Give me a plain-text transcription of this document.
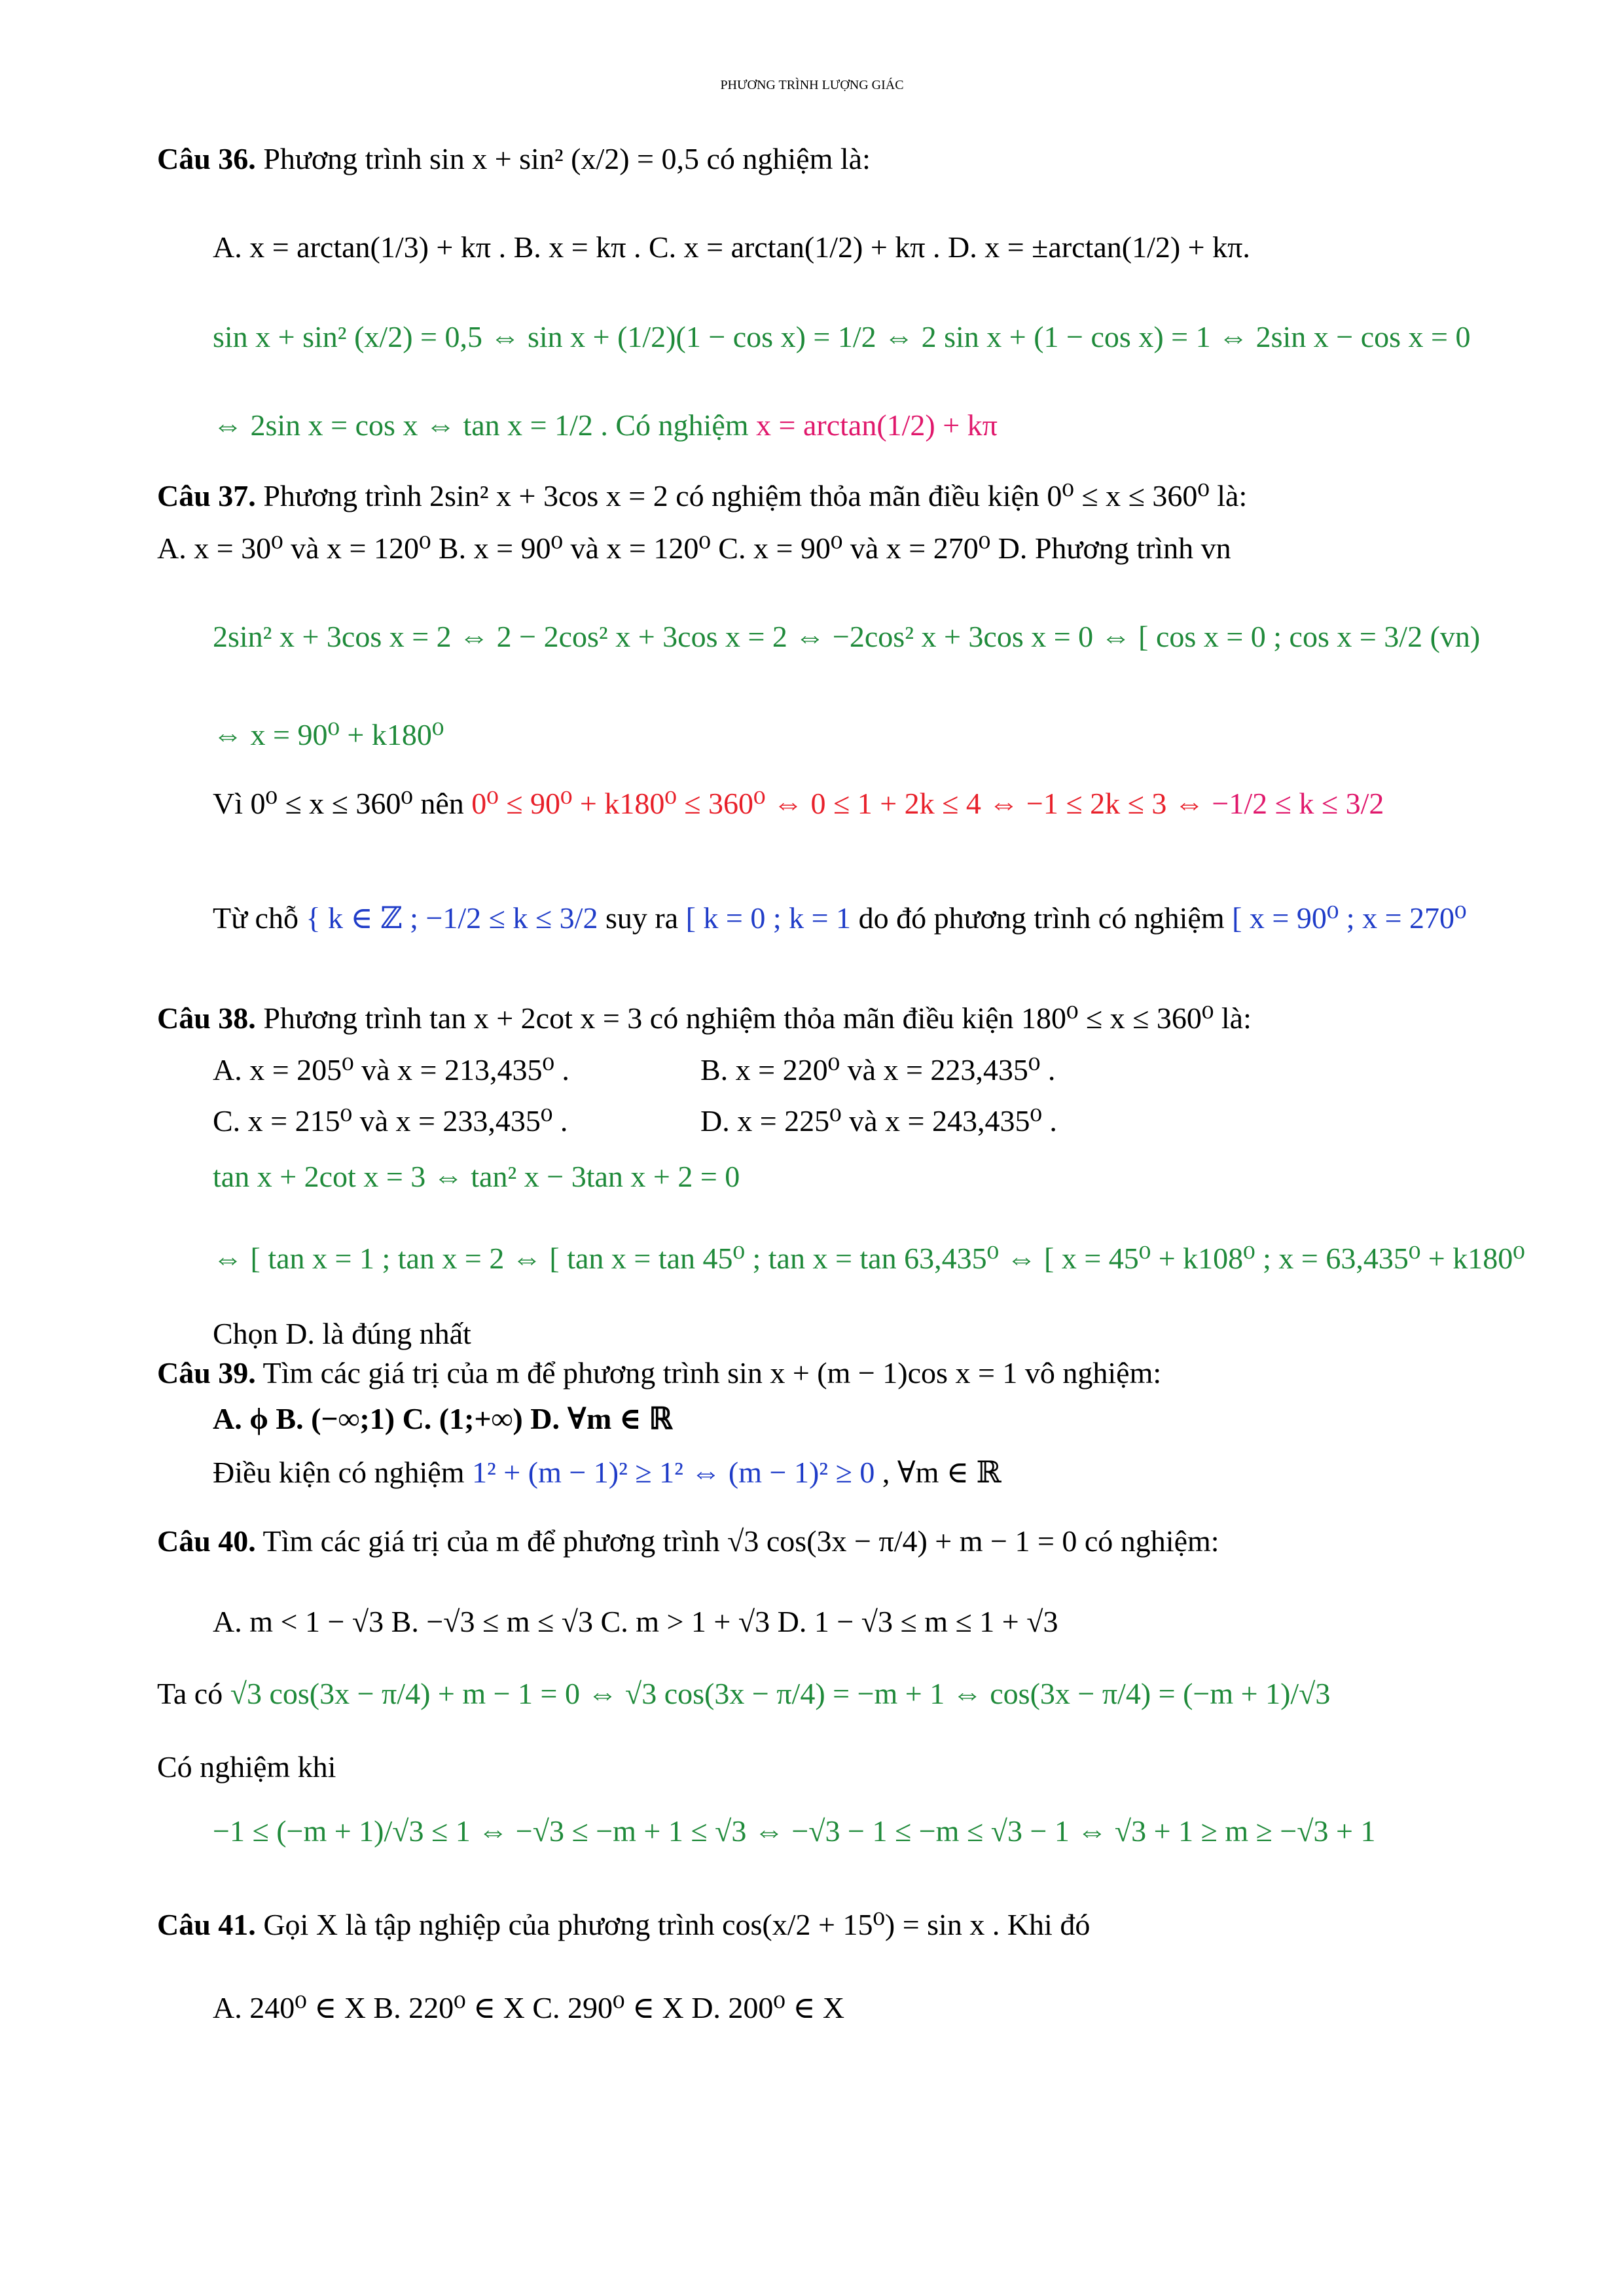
PHƯƠNG TRÌNH LƯỢNG GIÁC
Câu 36. Phương trình sin x + sin² (x/2) = 0,5 có nghiệm là:
A. x = arctan(1/3) + kπ . B. x = kπ . C. x = arctan(1/2) + kπ . D. x = ±arctan(1/2) + kπ.
sin x + sin² (x/2) = 0,5 ⇔ sin x + (1/2)(1 − cos x) = 1/2 ⇔ 2 sin x + (1 − cos x) = 1 ⇔ 2sin x − cos x = 0
⇔ 2sin x = cos x ⇔ tan x = 1/2 . Có nghiệm x = arctan(1/2) + kπ
Câu 37. Phương trình 2sin² x + 3cos x = 2 có nghiệm thỏa mãn điều kiện 0⁰ ≤ x ≤ 360⁰ là:
A. x = 30⁰ và x = 120⁰ B. x = 90⁰ và x = 120⁰ C. x = 90⁰ và x = 270⁰ D. Phương trình vn
2sin² x + 3cos x = 2 ⇔ 2 − 2cos² x + 3cos x = 2 ⇔ −2cos² x + 3cos x = 0 ⇔ [ cos x = 0 ; cos x = 3/2 (vn)
⇔ x = 90⁰ + k180⁰
Vì 0⁰ ≤ x ≤ 360⁰ nên 0⁰ ≤ 90⁰ + k180⁰ ≤ 360⁰ ⇔ 0 ≤ 1 + 2k ≤ 4 ⇔ −1 ≤ 2k ≤ 3 ⇔ −1/2 ≤ k ≤ 3/2
Từ chỗ { k ∈ ℤ ; −1/2 ≤ k ≤ 3/2 suy ra [ k = 0 ; k = 1 do đó phương trình có nghiệm [ x = 90⁰ ; x = 270⁰
Câu 38. Phương trình tan x + 2cot x = 3 có nghiệm thỏa mãn điều kiện 180⁰ ≤ x ≤ 360⁰ là:
A. x = 205⁰ và x = 213,435⁰ .	B. x = 220⁰ và x = 223,435⁰ .
C. x = 215⁰ và x = 233,435⁰ .	D. x = 225⁰ và x = 243,435⁰ .
tan x + 2cot x = 3 ⇔ tan² x − 3tan x + 2 = 0
⇔ [ tan x = 1 ; tan x = 2 ⇔ [ tan x = tan 45⁰ ; tan x = tan 63,435⁰ ⇔ [ x = 45⁰ + k108⁰ ; x = 63,435⁰ + k180⁰
Chọn D. là đúng nhất
Câu 39. Tìm các giá trị của m để phương trình sin x + (m − 1)cos x = 1 vô nghiệm:
A. ϕ B. (−∞;1) C. (1;+∞) D. ∀m ∈ ℝ
Điều kiện có nghiệm 1² + (m − 1)² ≥ 1² ⇔ (m − 1)² ≥ 0 , ∀m ∈ ℝ
Câu 40. Tìm các giá trị của m để phương trình √3 cos(3x − π/4) + m − 1 = 0 có nghiệm:
A. m < 1 − √3 B. −√3 ≤ m ≤ √3 C. m > 1 + √3 D. 1 − √3 ≤ m ≤ 1 + √3
Ta có √3 cos(3x − π/4) + m − 1 = 0 ⇔ √3 cos(3x − π/4) = −m + 1 ⇔ cos(3x − π/4) = (−m + 1)/√3
Có nghiệm khi
−1 ≤ (−m + 1)/√3 ≤ 1 ⇔ −√3 ≤ −m + 1 ≤ √3 ⇔ −√3 − 1 ≤ −m ≤ √3 − 1 ⇔ √3 + 1 ≥ m ≥ −√3 + 1
Câu 41. Gọi X là tập nghiệp của phương trình cos(x/2 + 15⁰) = sin x . Khi đó
A. 240⁰ ∈ X B. 220⁰ ∈ X C. 290⁰ ∈ X D. 200⁰ ∈ X
